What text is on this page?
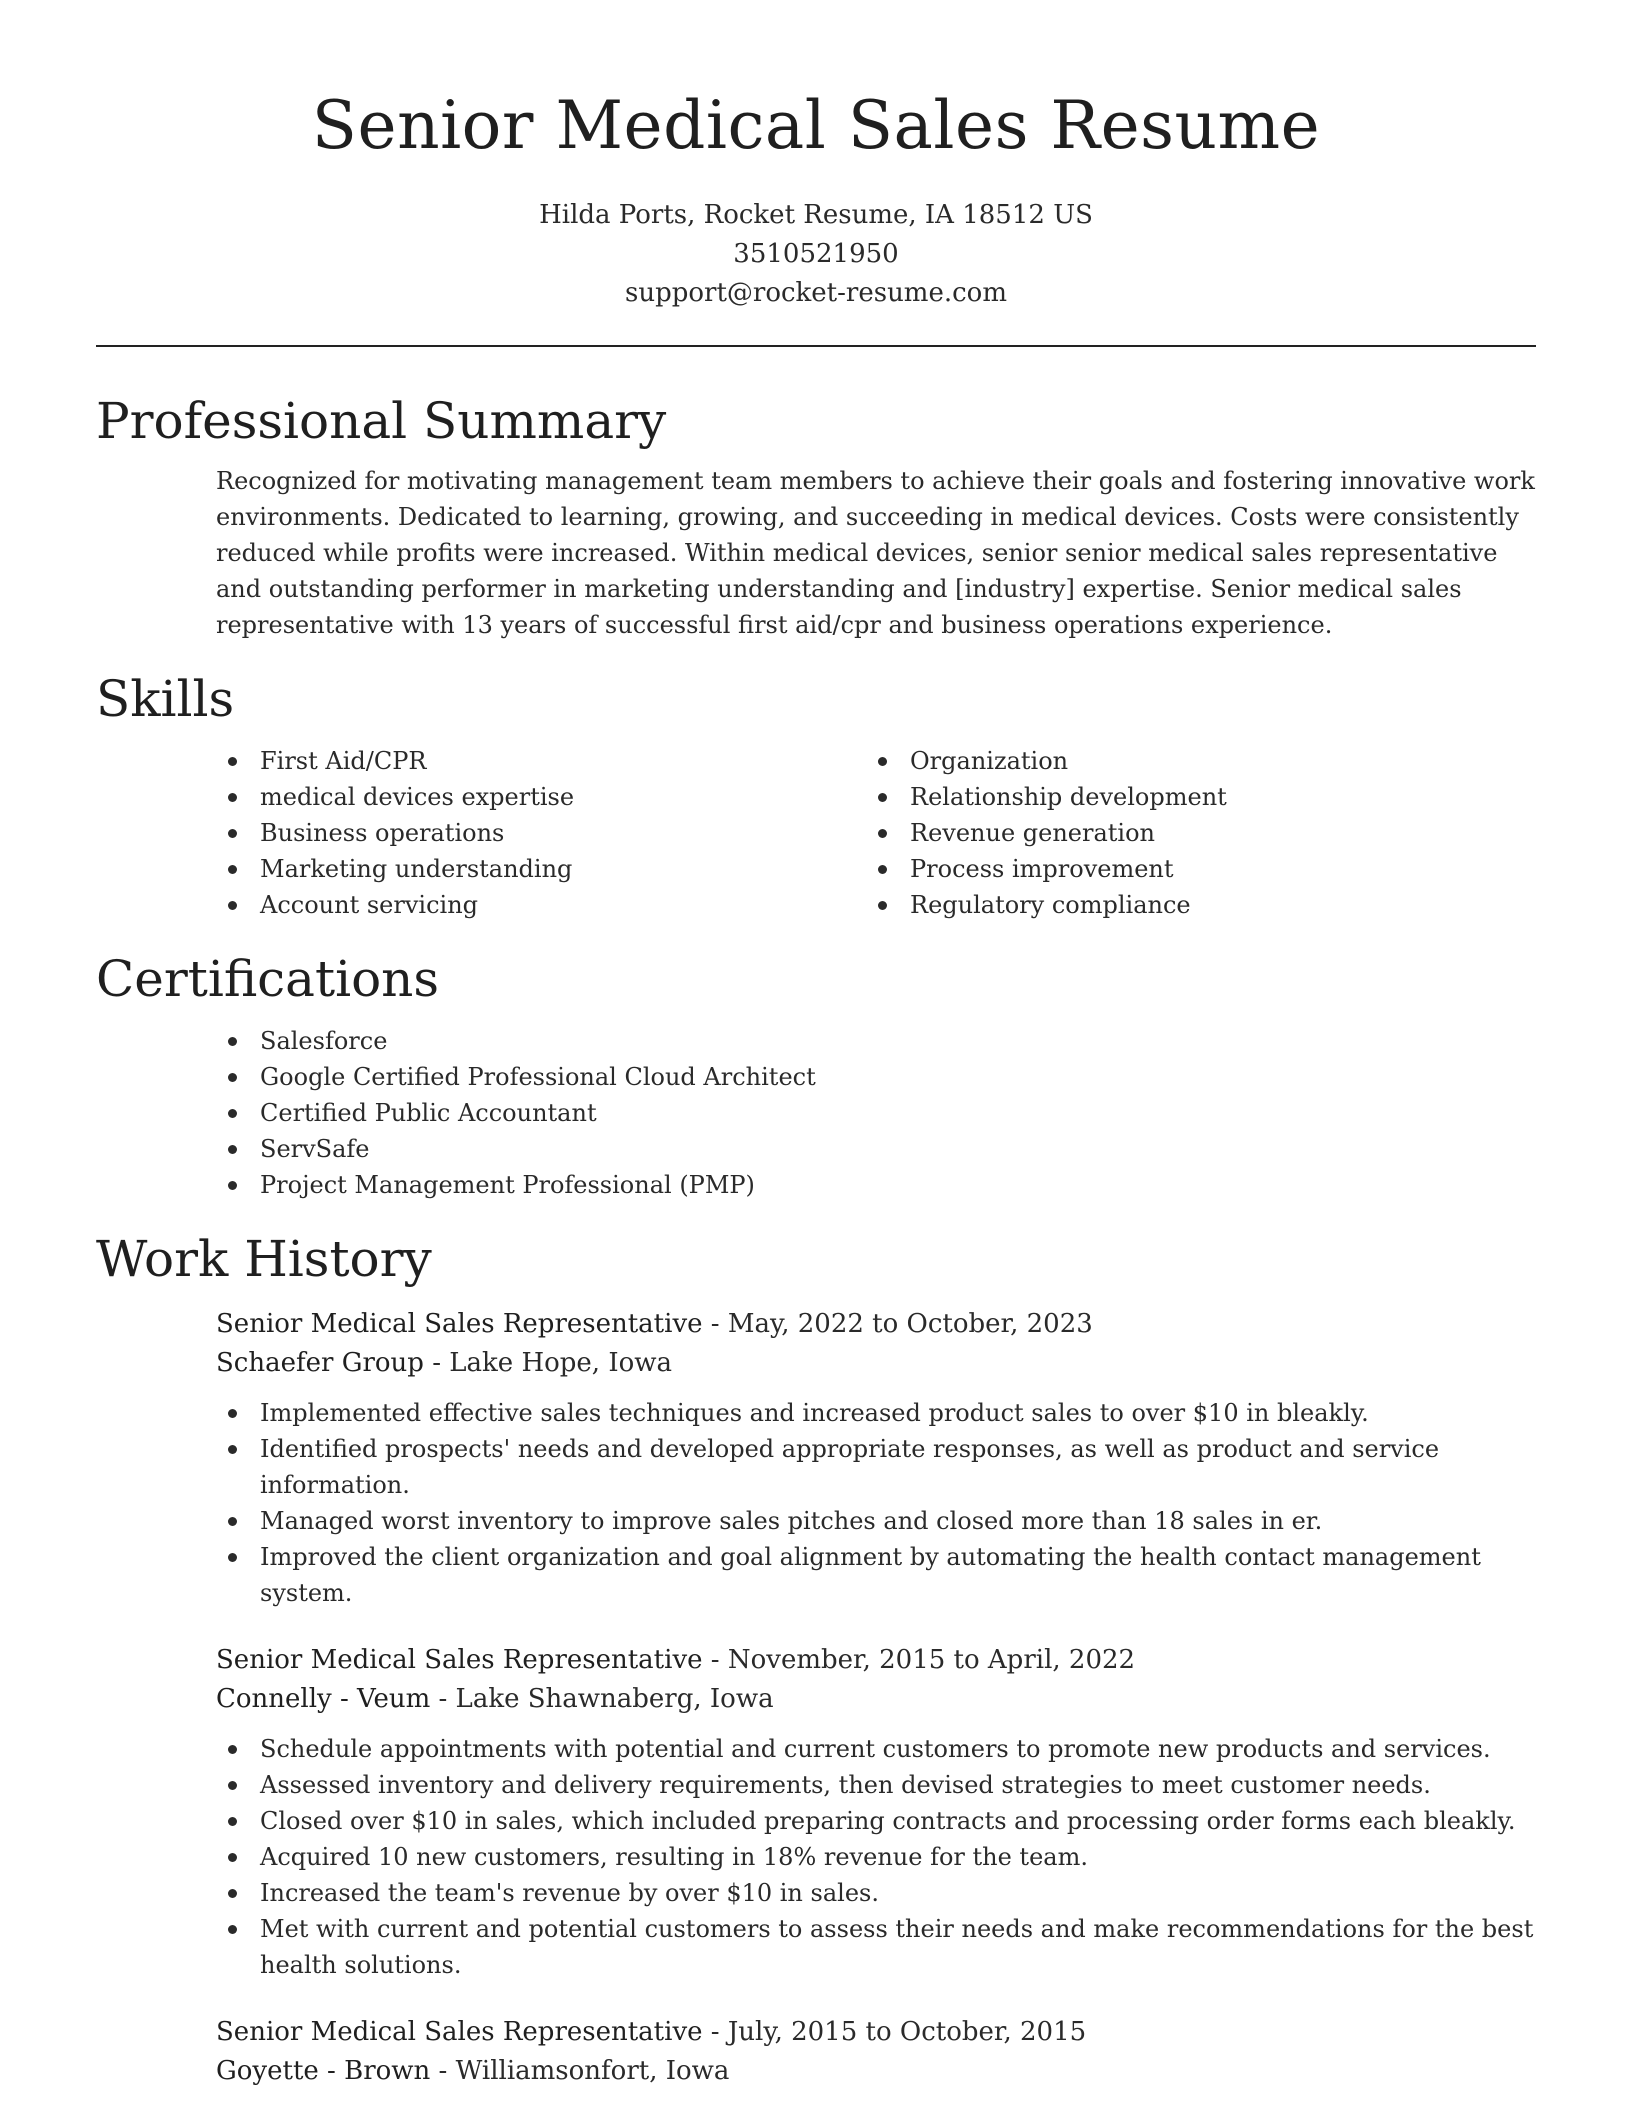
Senior Medical Sales Resume
Hilda Ports, Rocket Resume, IA 18512 US
3510521950
support@rocket-resume.com
Professional Summary
Recognized for motivating management team members to achieve their goals and fostering innovative work environments. Dedicated to learning, growing, and succeeding in medical devices. Costs were consistently reduced while profits were increased. Within medical devices, senior senior medical sales representative and outstanding performer in marketing understanding and [industry] expertise. Senior medical sales representative with 13 years of successful first aid/cpr and business operations experience.
Skills
First Aid/CPR
medical devices expertise
Business operations
Marketing understanding
Account servicing
Organization
Relationship development
Revenue generation
Process improvement
Regulatory compliance
Certifications
Salesforce
Google Certified Professional Cloud Architect
Certified Public Accountant
ServSafe
Project Management Professional (PMP)
Work History
Senior Medical Sales Representative - May, 2022 to October, 2023
Schaefer Group - Lake Hope, Iowa
Implemented effective sales techniques and increased product sales to over $10 in bleakly.
Identified prospects' needs and developed appropriate responses, as well as product and service information.
Managed worst inventory to improve sales pitches and closed more than 18 sales in er.
Improved the client organization and goal alignment by automating the health contact management system.
Senior Medical Sales Representative - November, 2015 to April, 2022
Connelly - Veum - Lake Shawnaberg, Iowa
Schedule appointments with potential and current customers to promote new products and services.
Assessed inventory and delivery requirements, then devised strategies to meet customer needs.
Closed over $10 in sales, which included preparing contracts and processing order forms each bleakly.
Acquired 10 new customers, resulting in 18% revenue for the team.
Increased the team's revenue by over $10 in sales.
Met with current and potential customers to assess their needs and make recommendations for the best health solutions.
Senior Medical Sales Representative - July, 2015 to October, 2015
Goyette - Brown - Williamsonfort, Iowa
